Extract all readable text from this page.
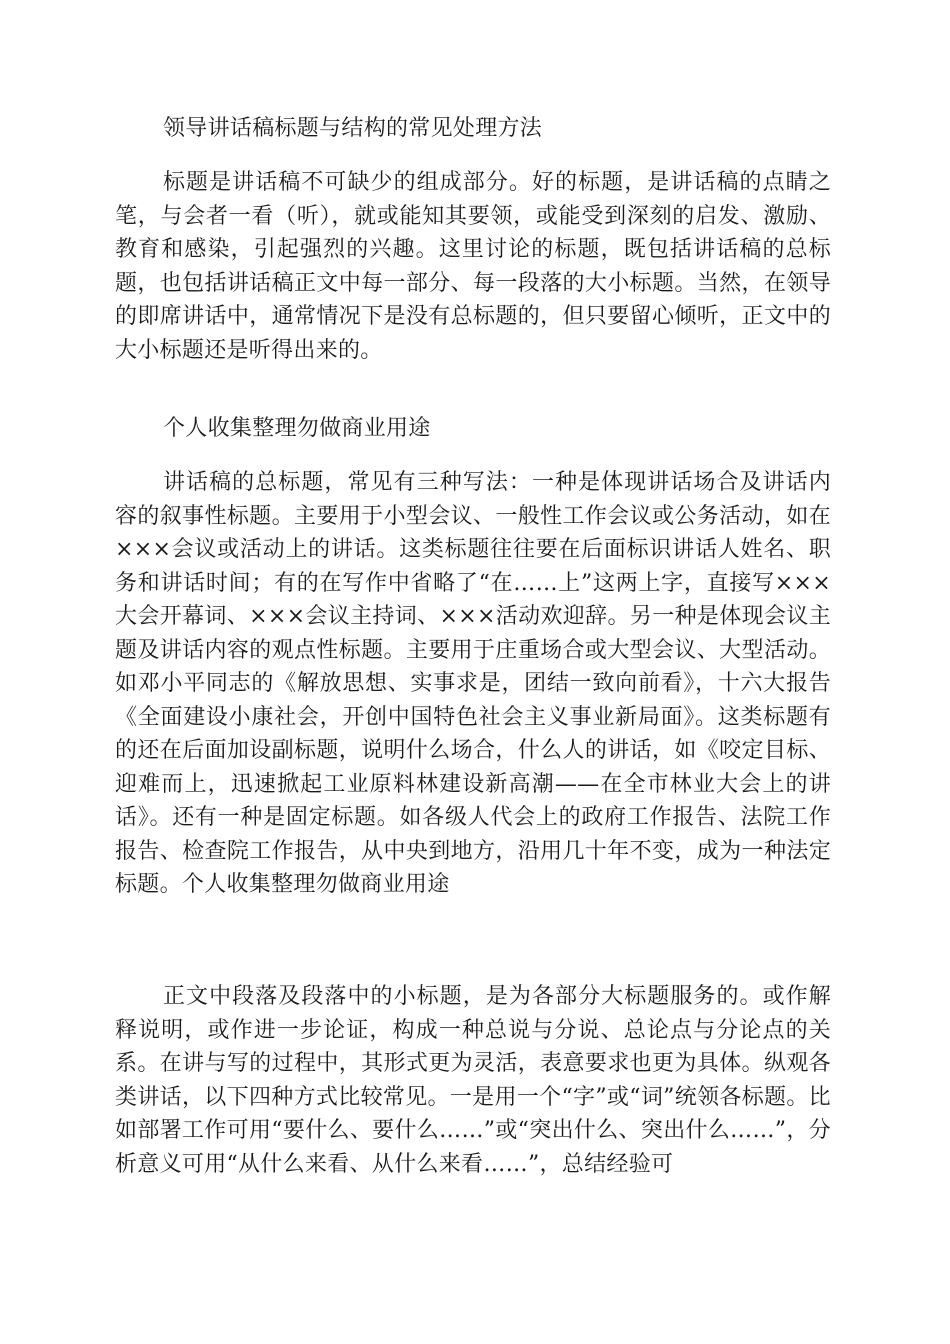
领导讲话稿标题与结构的常见处理方法

标题是讲话稿不可缺少的组成部分。好的标题，是讲话稿的点睛之笔，与会者一看（听），就或能知其要领，或能受到深刻的启发、激励、教育和感染，引起强烈的兴趣。这里讨论的标题，既包括讲话稿的总标题，也包括讲话稿正文中每一部分、每一段落的大小标题。当然，在领导的即席讲话中，通常情况下是没有总标题的，但只要留心倾听，正文中的大小标题还是听得出来的。

个人收集整理勿做商业用途

讲话稿的总标题，常见有三种写法：一种是体现讲话场合及讲话内容的叙事性标题。主要用于小型会议、一般性工作会议或公务活动，如在×××会议或活动上的讲话。这类标题往往要在后面标识讲话人姓名、职务和讲话时间；有的在写作中省略了“在……上”这两上字，直接写×××大会开幕词、×××会议主持词、×××活动欢迎辞。另一种是体现会议主题及讲话内容的观点性标题。主要用于庄重场合或大型会议、大型活动。如邓小平同志的《解放思想、实事求是，团结一致向前看》，十六大报告《全面建设小康社会，开创中国特色社会主义事业新局面》。这类标题有的还在后面加设副标题，说明什么场合，什么人的讲话，如《咬定目标、迎难而上，迅速掀起工业原料林建设新高潮——在全市林业大会上的讲话》。还有一种是固定标题。如各级人代会上的政府工作报告、法院工作报告、检查院工作报告，从中央到地方，沿用几十年不变，成为一种法定标题。个人收集整理勿做商业用途

正文中段落及段落中的小标题，是为各部分大标题服务的。或作解释说明，或作进一步论证，构成一种总说与分说、总论点与分论点的关系。在讲与写的过程中，其形式更为灵活，表意要求也更为具体。纵观各类讲话，以下四种方式比较常见。一是用一个“字”或“词”统领各标题。比如部署工作可用“要什么、要什么……”或“突出什么、突出什么……”，分析意义可用“从什么来看、从什么来看……”，总结经验可
